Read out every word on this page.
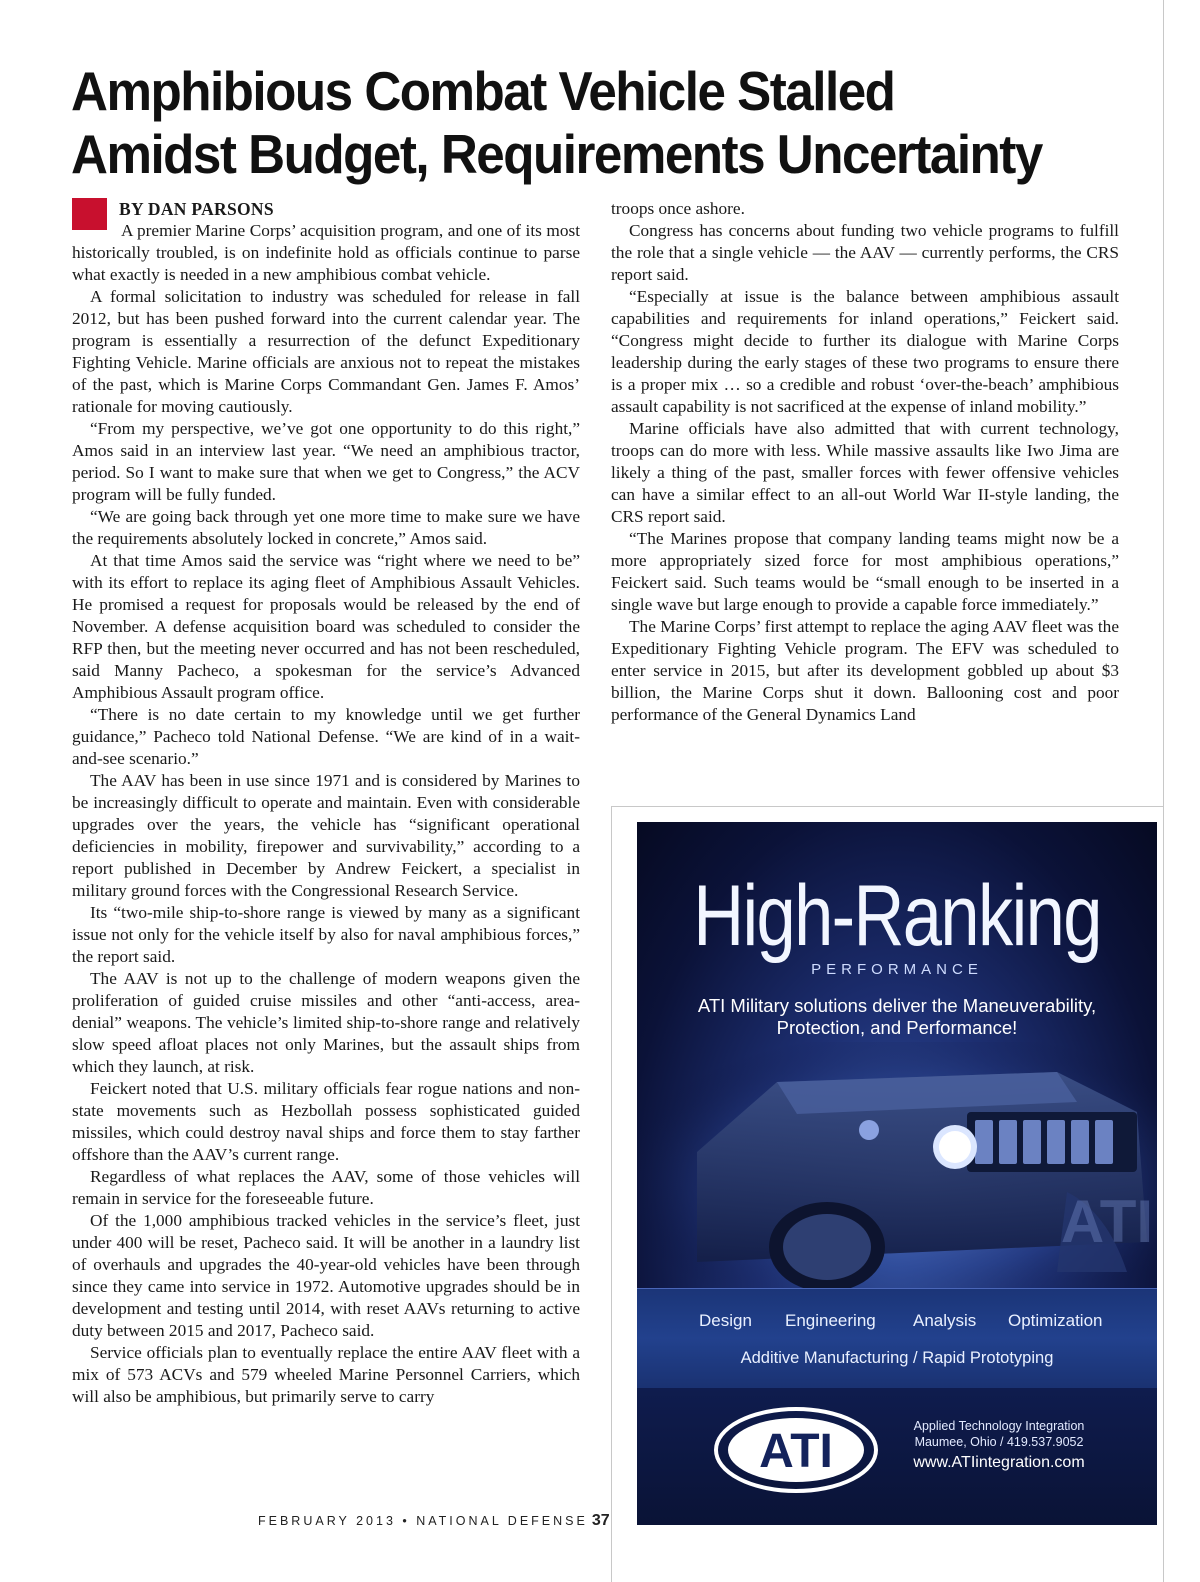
Amphibious Combat Vehicle Stalled
Amidst Budget, Requirements Uncertainty
BY DAN PARSONS

A premier Marine Corps’ acquisition program, and one of its most historically troubled, is on indefinite hold as officials continue to parse what exactly is needed in a new amphibious combat vehicle.

A formal solicitation to industry was scheduled for release in fall 2012, but has been pushed forward into the current calendar year. The program is essentially a resurrection of the defunct Expeditionary Fighting Vehicle. Marine officials are anxious not to repeat the mistakes of the past, which is Marine Corps Commandant Gen. James F. Amos’ rationale for moving cautiously.

“From my perspective, we’ve got one opportunity to do this right,” Amos said in an interview last year. “We need an amphibious tractor, period. So I want to make sure that when we get to Congress,” the ACV program will be fully funded.

“We are going back through yet one more time to make sure we have the requirements absolutely locked in concrete,” Amos said.

At that time Amos said the service was “right where we need to be” with its effort to replace its aging fleet of Amphibious Assault Vehicles. He promised a request for proposals would be released by the end of November. A defense acquisition board was scheduled to consider the RFP then, but the meeting never occurred and has not been rescheduled, said Manny Pacheco, a spokesman for the service’s Advanced Amphibious Assault program office.

“There is no date certain to my knowledge until we get further guidance,” Pacheco told National Defense. “We are kind of in a wait-and-see scenario.”

The AAV has been in use since 1971 and is considered by Marines to be increasingly difficult to operate and maintain. Even with considerable upgrades over the years, the vehicle has “significant operational deficiencies in mobility, firepower and survivability,” according to a report published in December by Andrew Feickert, a specialist in military ground forces with the Congressional Research Service.

Its “two-mile ship-to-shore range is viewed by many as a significant issue not only for the vehicle itself by also for naval amphibious forces,” the report said.

The AAV is not up to the challenge of modern weapons given the proliferation of guided cruise missiles and other “anti-access, area-denial” weapons. The vehicle’s limited ship-to-shore range and relatively slow speed afloat places not only Marines, but the assault ships from which they launch, at risk.

Feickert noted that U.S. military officials fear rogue nations and non-state movements such as Hezbollah possess sophisticated guided missiles, which could destroy naval ships and force them to stay farther offshore than the AAV’s current range.

Regardless of what replaces the AAV, some of those vehicles will remain in service for the foreseeable future.

Of the 1,000 amphibious tracked vehicles in the service’s fleet, just under 400 will be reset, Pacheco said. It will be another in a laundry list of overhauls and upgrades the 40-year-old vehicles have been through since they came into service in 1972. Automotive upgrades should be in development and testing until 2014, with reset AAVs returning to active duty between 2015 and 2017, Pacheco said.

Service officials plan to eventually replace the entire AAV fleet with a mix of 573 ACVs and 579 wheeled Marine Personnel Carriers, which will also be amphibious, but primarily serve to carry

troops once ashore.

Congress has concerns about funding two vehicle programs to fulfill the role that a single vehicle — the AAV — currently performs, the CRS report said.

“Especially at issue is the balance between amphibious assault capabilities and requirements for inland operations,” Feickert said. “Congress might decide to further its dialogue with Marine Corps leadership during the early stages of these two programs to ensure there is a proper mix … so a credible and robust ‘over-the-beach’ amphibious assault capability is not sacrificed at the expense of inland mobility.”

Marine officials have also admitted that with current technology, troops can do more with less. While massive assaults like Iwo Jima are likely a thing of the past, smaller forces with fewer offensive vehicles can have a similar effect to an all-out World War II-style landing, the CRS report said.

“The Marines propose that company landing teams might now be a more appropriately sized force for most amphibious operations,” Feickert said. Such teams would be “small enough to be inserted in a single wave but large enough to provide a capable force immediately.”

The Marine Corps’ first attempt to replace the aging AAV fleet was the Expeditionary Fighting Vehicle program. The EFV was scheduled to enter service in 2015, but after its development gobbled up about $3 billion, the Marine Corps shut it down. Ballooning cost and poor performance of the General Dynamics Land

FEBRUARY 2013 • NATIONAL DEFENSE 37
High-Ranking
PERFORMANCE
ATI Military solutions deliver the Maneuverability,
Protection, and Performance!
ATI
Design Engineering Analysis Optimization
Additive Manufacturing / Rapid Prototyping
ATI	Applied Technology Integration
Maumee, Ohio / 419.537.9052
www.ATIintegration.com
